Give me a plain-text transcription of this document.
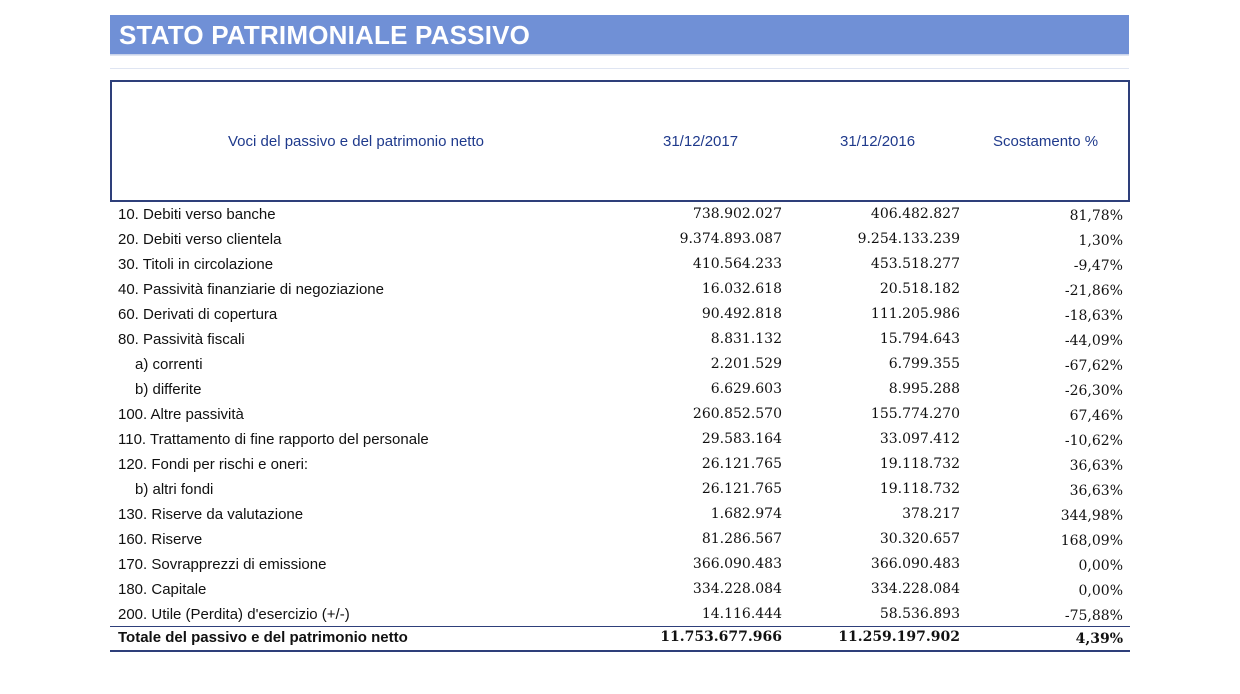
STATO PATRIMONIALE PASSIVO
Voci del passivo e del patrimonio netto	31/12/2017	31/12/2016	Scostamento %
10. Debiti verso banche	738.902.027	406.482.827	81,78%
20. Debiti verso clientela	9.374.893.087	9.254.133.239	1,30%
30. Titoli in circolazione	410.564.233	453.518.277	-9,47%
40. Passività finanziarie di negoziazione	16.032.618	20.518.182	-21,86%
60. Derivati di copertura	90.492.818	111.205.986	-18,63%
80. Passività fiscali	8.831.132	15.794.643	-44,09%
a) correnti	2.201.529	6.799.355	-67,62%
b) differite	6.629.603	8.995.288	-26,30%
100. Altre passività	260.852.570	155.774.270	67,46%
110. Trattamento di fine rapporto del personale	29.583.164	33.097.412	-10,62%
120. Fondi per rischi e oneri:	26.121.765	19.118.732	36,63%
b) altri fondi	26.121.765	19.118.732	36,63%
130. Riserve da valutazione	1.682.974	378.217	344,98%
160. Riserve	81.286.567	30.320.657	168,09%
170. Sovrapprezzi di emissione	366.090.483	366.090.483	0,00%
180. Capitale	334.228.084	334.228.084	0,00%
200. Utile (Perdita) d'esercizio (+/-)	14.116.444	58.536.893	-75,88%
Totale del passivo e del patrimonio netto	11.753.677.966	11.259.197.902	4,39%
